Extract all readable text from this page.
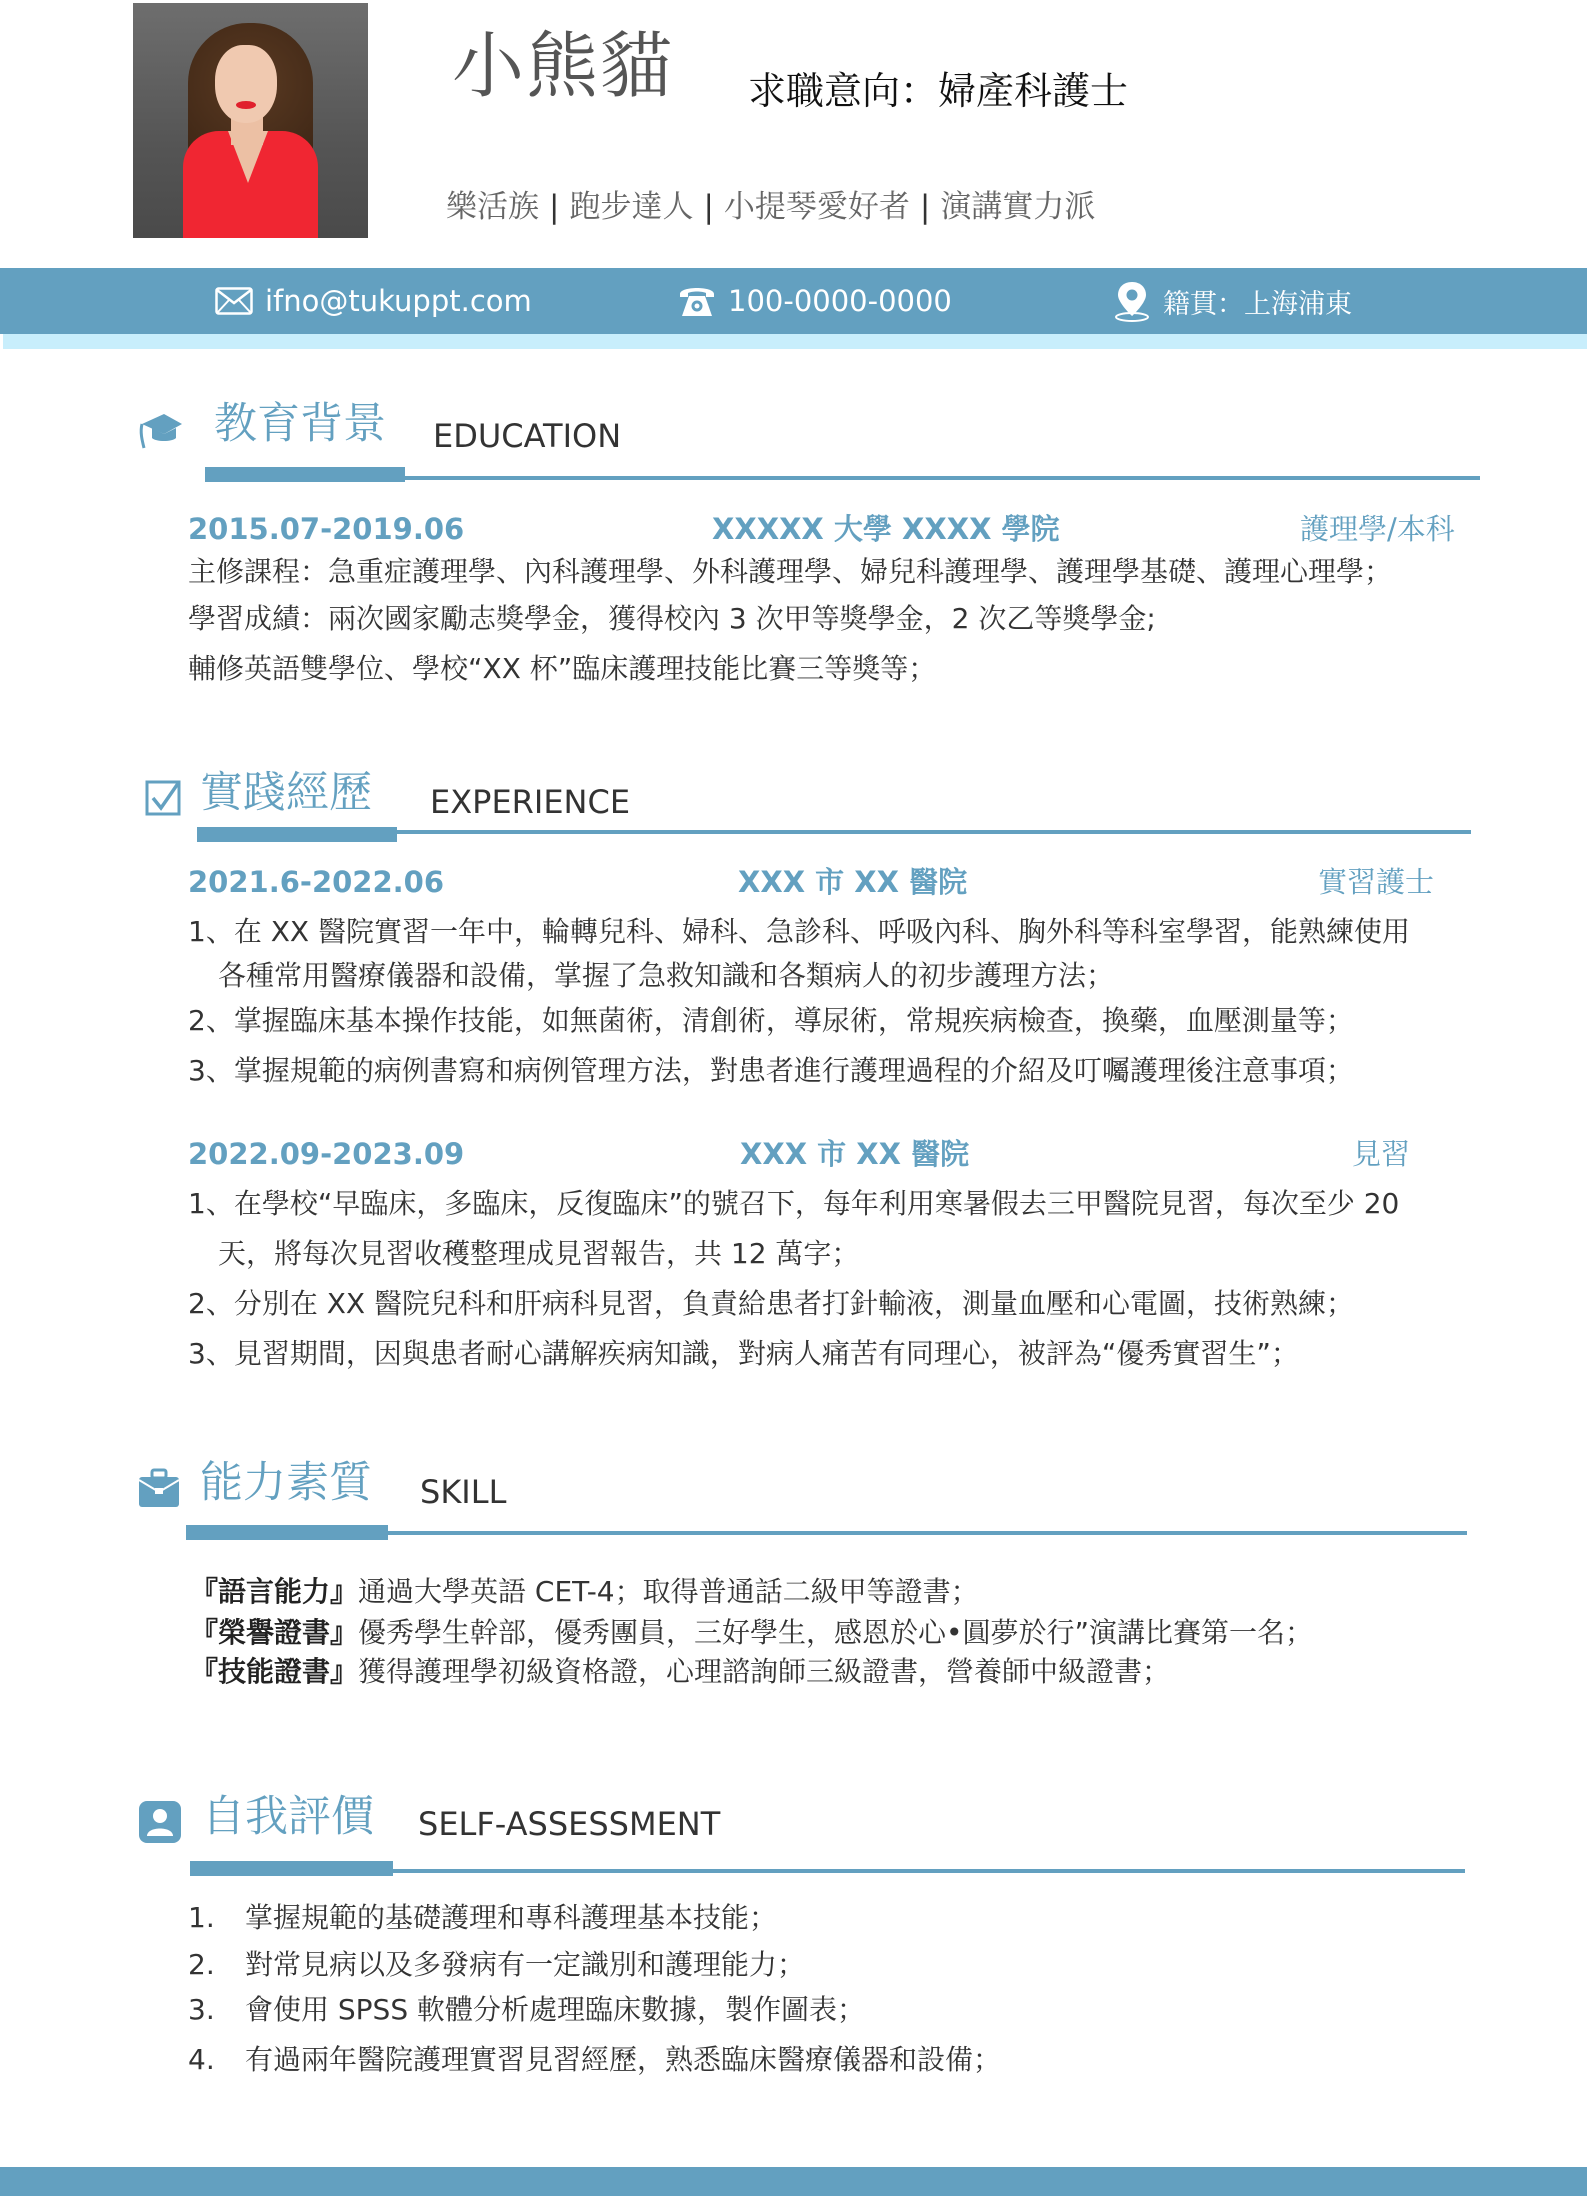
小熊貓 求職意向：婦產科護士
樂活族 | 跑步達人 | 小提琴愛好者 | 演講實力派
ifno@tukuppt.com	100-0000-0000	籍貫：上海浦東
教育背景 EDUCATION
2015.07-2019.06	XXXXX 大學 XXXX 學院	護理學/本科
主修課程：急重症護理學、內科護理學、外科護理學、婦兒科護理學、護理學基礎、護理心理學；
學習成績：兩次國家勵志獎學金，獲得校內 3 次甲等獎學金，2 次乙等獎學金;
輔修英語雙學位、學校“XX 杯”臨床護理技能比賽三等獎等；
實踐經歷 EXPERIENCE
2021.6-2022.06	XXX 市 XX 醫院	實習護士
1、在 XX 醫院實習一年中，輪轉兒科、婦科、急診科、呼吸內科、胸外科等科室學習，能熟練使用
各種常用醫療儀器和設備，掌握了急救知識和各類病人的初步護理方法；
2、掌握臨床基本操作技能，如無菌術，清創術，導尿術，常規疾病檢查，換藥，血壓測量等；
3、掌握規範的病例書寫和病例管理方法，對患者進行護理過程的介紹及叮囑護理後注意事項；
2022.09-2023.09	XXX 市 XX 醫院	見習
1、在學校“早臨床，多臨床，反復臨床”的號召下，每年利用寒暑假去三甲醫院見習，每次至少 20
天，將每次見習收穫整理成見習報告，共 12 萬字；
2、分別在 XX 醫院兒科和肝病科見習，負責給患者打針輸液，測量血壓和心電圖，技術熟練；
3、見習期間，因與患者耐心講解疾病知識，對病人痛苦有同理心，被評為“優秀實習生”；
能力素質 SKILL
『語言能力』通過大學英語 CET-4；取得普通話二級甲等證書；
『榮譽證書』優秀學生幹部，優秀團員，三好學生，感恩於心•圓夢於行”演講比賽第一名；
『技能證書』獲得護理學初級資格證，心理諮詢師三級證書，營養師中級證書；
自我評價 SELF-ASSESSMENT
1. 掌握規範的基礎護理和專科護理基本技能；
2. 對常見病以及多發病有一定識別和護理能力；
3. 會使用 SPSS 軟體分析處理臨床數據，製作圖表；
4. 有過兩年醫院護理實習見習經歷，熟悉臨床醫療儀器和設備；
